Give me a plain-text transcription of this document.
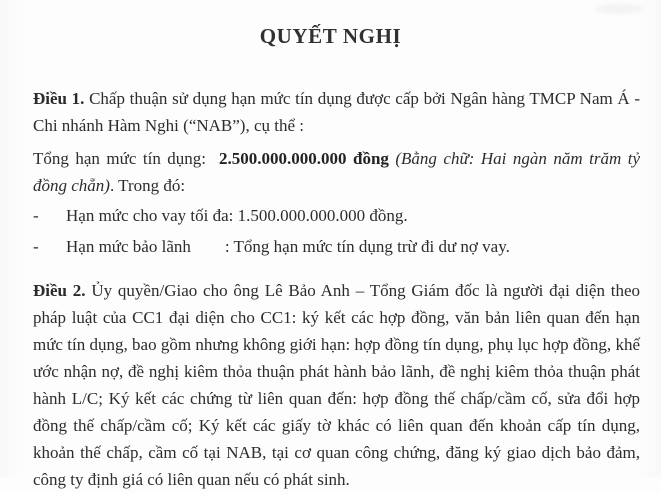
QUYẾT NGHỊ

Điều 1. Chấp thuận sử dụng hạn mức tín dụng được cấp bởi Ngân hàng TMCP Nam Á - Chi nhánh Hàm Nghi (“NAB”), cụ thể :

Tổng hạn mức tín dụng:  2.500.000.000.000 đồng (Bằng chữ: Hai ngàn năm trăm tỷ đồng chẵn). Trong đó:

-	Hạn mức cho vay tối đa: 1.500.000.000.000 đồng.
-	Hạn mức bảo lãnh        : Tổng hạn mức tín dụng trừ đi dư nợ vay.

Điều 2. Ủy quyền/Giao cho ông Lê Bảo Anh – Tổng Giám đốc là người đại diện theo pháp luật của CC1 đại diện cho CC1: ký kết các hợp đồng, văn bản liên quan đến hạn mức tín dụng, bao gồm nhưng không giới hạn: hợp đồng tín dụng, phụ lục hợp đồng, khế ước nhận nợ, đề nghị kiêm thỏa thuận phát hành bảo lãnh, đề nghị kiêm thỏa thuận phát hành L/C; Ký kết các chứng từ liên quan đến: hợp đồng thế chấp/cầm cố, sửa đổi hợp đồng thế chấp/cầm cố; Ký kết các giấy tờ khác có liên quan đến khoản cấp tín dụng, khoản thế chấp, cầm cố tại NAB, tại cơ quan công chứng, đăng ký giao dịch bảo đảm, công ty định giá có liên quan nếu có phát sinh.
